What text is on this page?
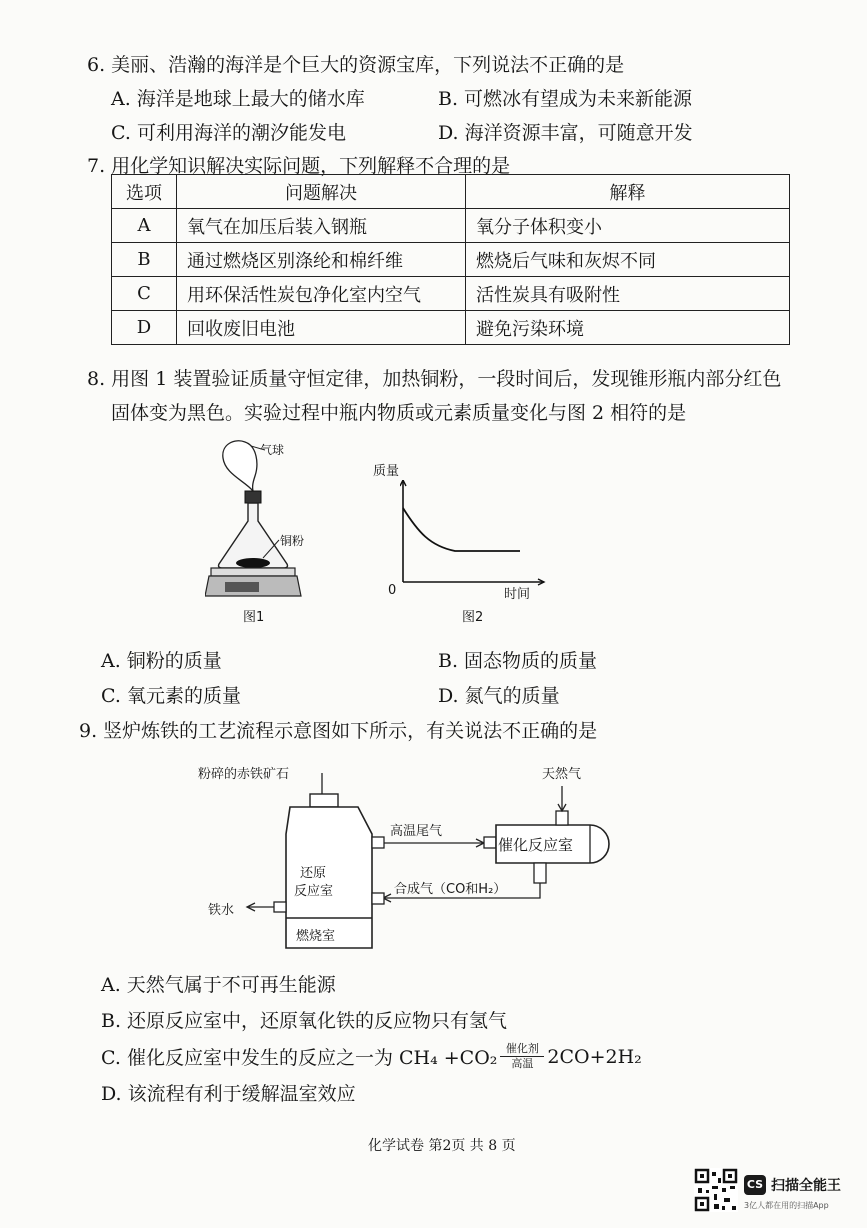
6. 美丽、浩瀚的海洋是个巨大的资源宝库，下列说法不正确的是
A. 海洋是地球上最大的储水库	B. 可燃冰有望成为未来新能源
C. 可利用海洋的潮汐能发电	D. 海洋资源丰富，可随意开发
7. 用化学知识解决实际问题，下列解释不合理的是
选项	问题解决	解释
A	氧气在加压后装入钢瓶	氧分子体积变小
B	通过燃烧区别涤纶和棉纤维	燃烧后气味和灰烬不同
C	用环保活性炭包净化室内空气	活性炭具有吸附性
D	回收废旧电池	避免污染环境
8. 用图 1 装置验证质量守恒定律，加热铜粉，一段时间后，发现锥形瓶内部分红色
固体变为黑色。实验过程中瓶内物质或元素质量变化与图 2 相符的是
气球
铜粉
图1
质量
时间
0
图2
A. 铜粉的质量	B. 固态物质的质量
C. 氧元素的质量	D. 氮气的质量
9. 竖炉炼铁的工艺流程示意图如下所示，有关说法不正确的是
粉碎的赤铁矿石	天然气
高温尾气
催化反应室
还原
反应室	合成气（CO和H₂）
铁水
燃烧室
A. 天然气属于不可再生能源
B. 还原反应室中，还原氧化铁的反应物只有氢气
C. 催化反应室中发生的反应之一为 CH₄ +CO₂ 催化剂
高温 2CO+2H₂
D. 该流程有利于缓解温室效应
化学试卷 第2页 共 8 页
CS 扫描全能王
3亿人都在用的扫描App
